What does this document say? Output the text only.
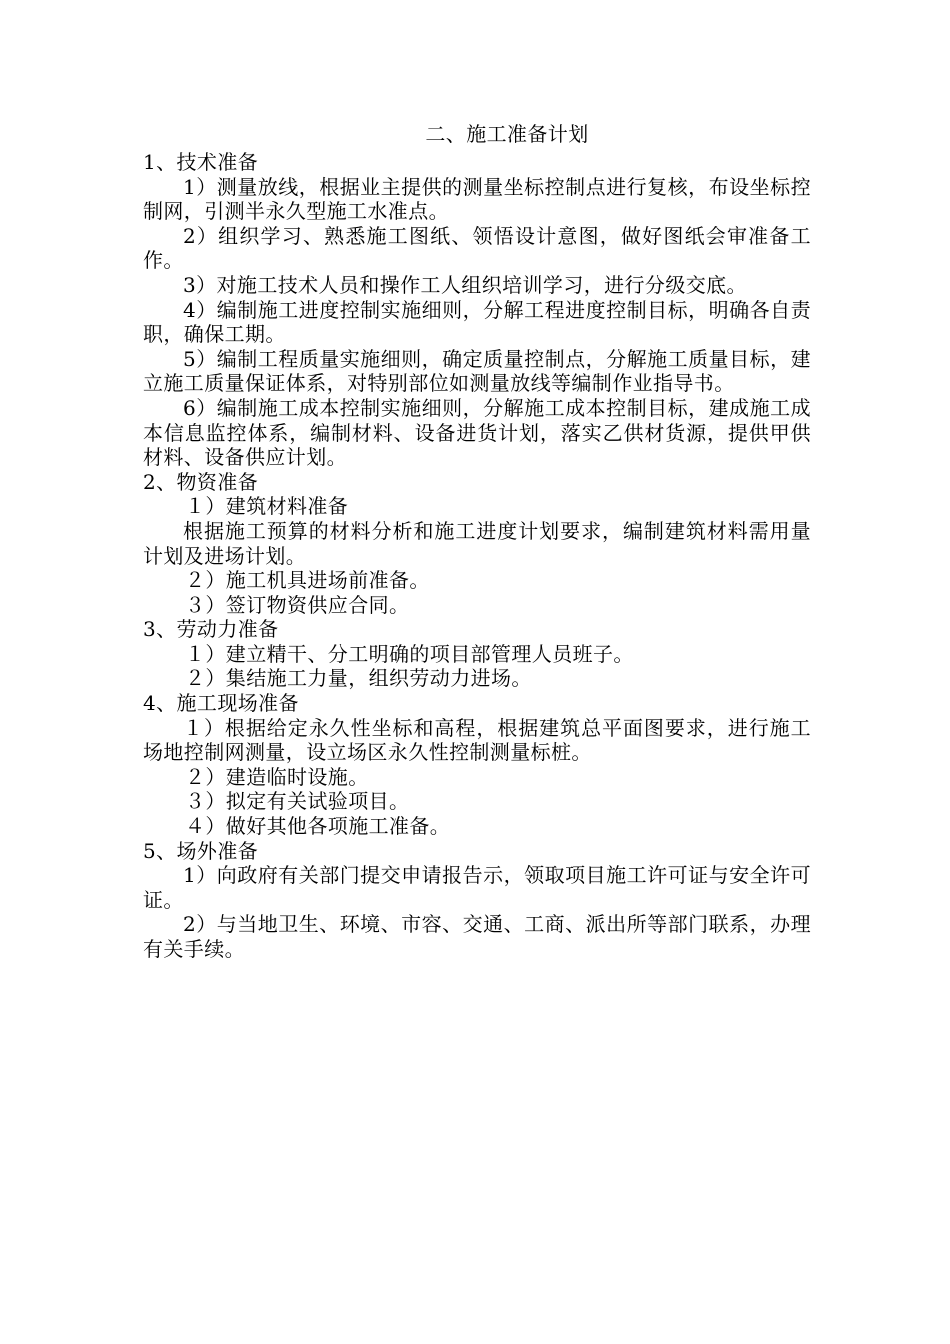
二、施工准备计划

1、技术准备

1）测量放线，根据业主提供的测量坐标控制点进行复核，布设坐标控制网，引测半永久型施工水准点。

2）组织学习、熟悉施工图纸、领悟设计意图，做好图纸会审准备工作。

3）对施工技术人员和操作工人组织培训学习，进行分级交底。

4）编制施工进度控制实施细则，分解工程进度控制目标，明确各自责职，确保工期。

5）编制工程质量实施细则，确定质量控制点，分解施工质量目标，建立施工质量保证体系，对特别部位如测量放线等编制作业指导书。

6）编制施工成本控制实施细则，分解施工成本控制目标，建成施工成本信息监控体系，编制材料、设备进货计划，落实乙供材货源，提供甲供材料、设备供应计划。

2、物资准备

１）建筑材料准备

根据施工预算的材料分析和施工进度计划要求，编制建筑材料需用量计划及进场计划。

２）施工机具进场前准备。

３）签订物资供应合同。

3、劳动力准备

１）建立精干、分工明确的项目部管理人员班子。

２）集结施工力量，组织劳动力进场。

4、施工现场准备

１）根据给定永久性坐标和高程，根据建筑总平面图要求，进行施工场地控制网测量，设立场区永久性控制测量标桩。

２）建造临时设施。

３）拟定有关试验项目。

４）做好其他各项施工准备。

5、场外准备

1）向政府有关部门提交申请报告示，领取项目施工许可证与安全许可证。

2）与当地卫生、环境、市容、交通、工商、派出所等部门联系，办理有关手续。
